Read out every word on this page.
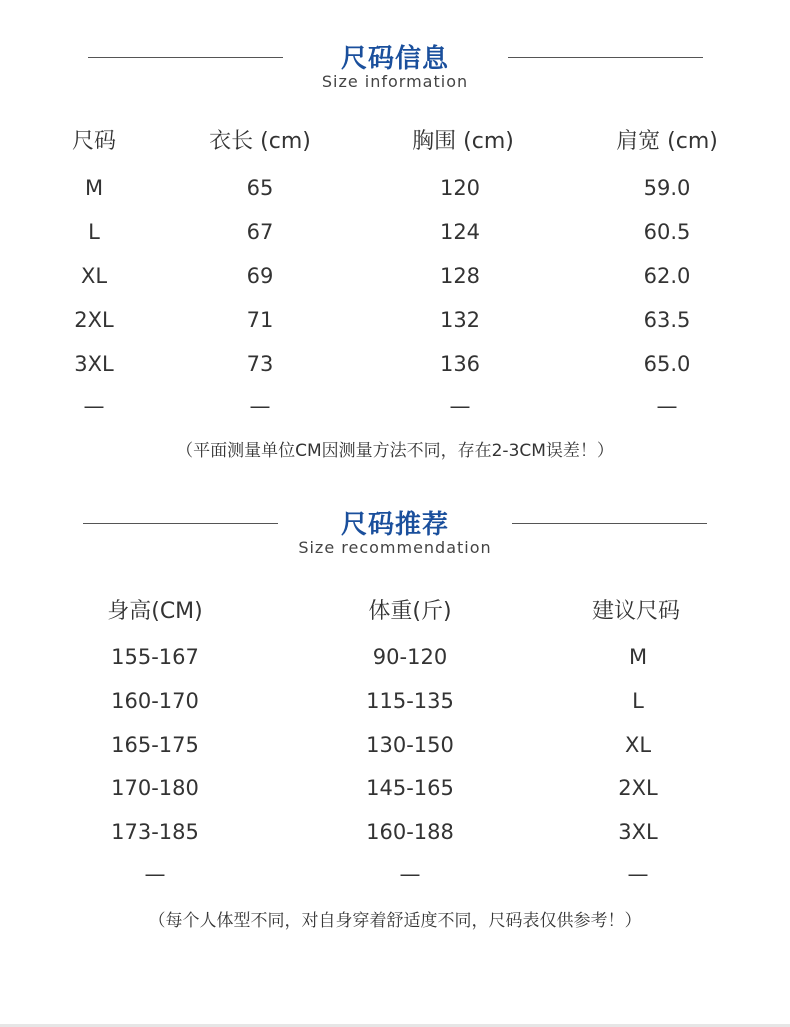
尺码信息
Size information
尺码	衣长 (cm)	胸围 (cm)	肩宽 (cm)
M	65	120	59.0
L	67	124	60.5
XL	69	128	62.0
2XL	71	132	63.5
3XL	73	136	65.0
—	—	—	—
（平面测量单位CM因测量方法不同，存在2-3CM误差！）
尺码推荐
Size recommendation
身高(CM)	体重(斤)	建议尺码
155-167	90-120	M
160-170	115-135	L
165-175	130-150	XL
170-180	145-165	2XL
173-185	160-188	3XL
—	—	—
（每个人体型不同，对自身穿着舒适度不同，尺码表仅供参考！）
